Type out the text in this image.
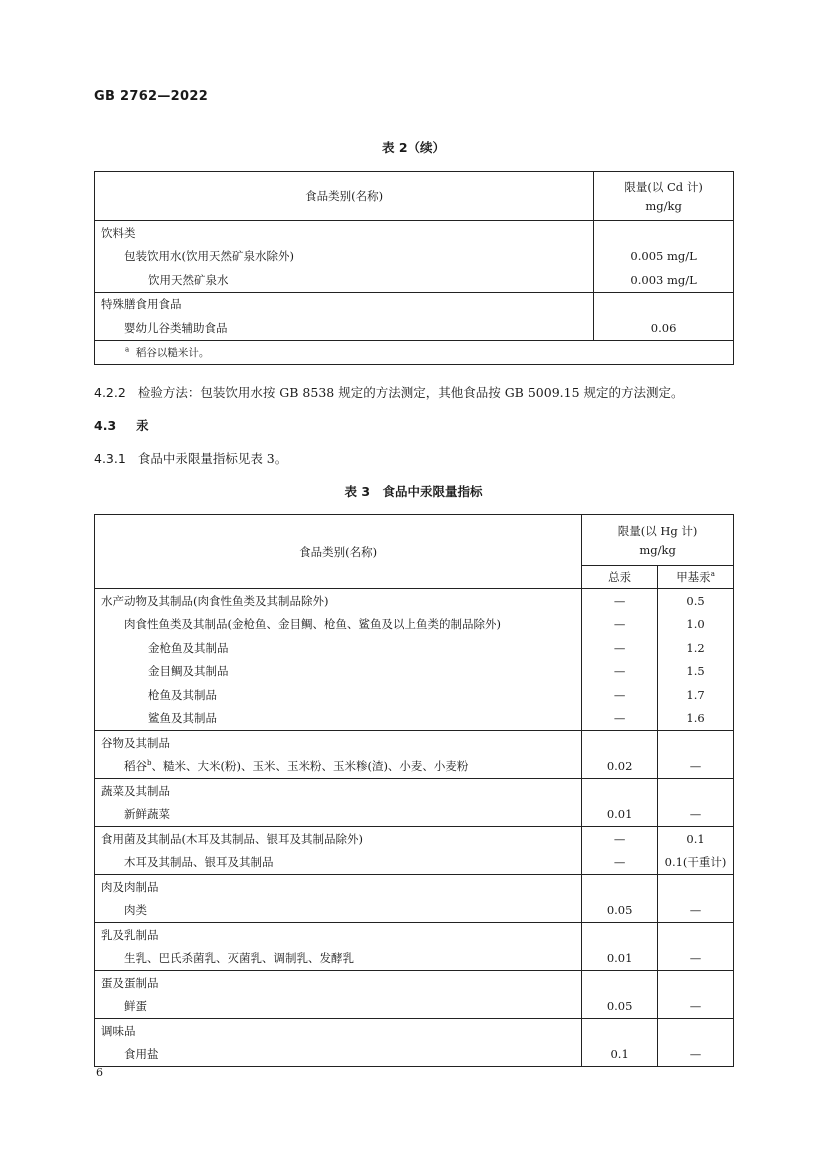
GB 2762—2022
表 2（续）
食品类别(名称)	限量(以 Cd 计)
mg/kg

饮料类	
包装饮用水(饮用天然矿泉水除外)	0.005 mg/L
饮用天然矿泉水	0.003 mg/L
特殊膳食用食品	
婴幼儿谷类辅助食品	0.06
$^a$ 稻谷以糙米计。	
4.2.2 检验方法：包装饮用水按 GB 8538 规定的方法测定，其他食品按 GB 5009.15 规定的方法测定。
4.3 汞
4.3.1 食品中汞限量指标见表 3。
表 3　食品中汞限量指标
食品类别(名称)	限量(以 Hg 计)
mg/kg	

	总汞	甲基汞$^a$
水产动物及其制品(肉食性鱼类及其制品除外)	—	0.5
肉食性鱼类及其制品(金枪鱼、金目鲷、枪鱼、鲨鱼及以上鱼类的制品除外)	—	1.0
金枪鱼及其制品	—	1.2
金目鲷及其制品	—	1.5
枪鱼及其制品	—	1.7
鲨鱼及其制品	—	1.6
谷物及其制品		
稻谷$^b$、糙米、大米(粉)、玉米、玉米粉、玉米糁(渣)、小麦、小麦粉	0.02	—
蔬菜及其制品		
新鲜蔬菜	0.01	—
食用菌及其制品(木耳及其制品、银耳及其制品除外)	—	0.1
木耳及其制品、银耳及其制品	—	0.1(干重计)
肉及肉制品		
肉类	0.05	—
乳及乳制品		
生乳、巴氏杀菌乳、灭菌乳、调制乳、发酵乳	0.01	—
蛋及蛋制品		
鲜蛋	0.05	—
调味品		
食用盐	0.1	—
6
